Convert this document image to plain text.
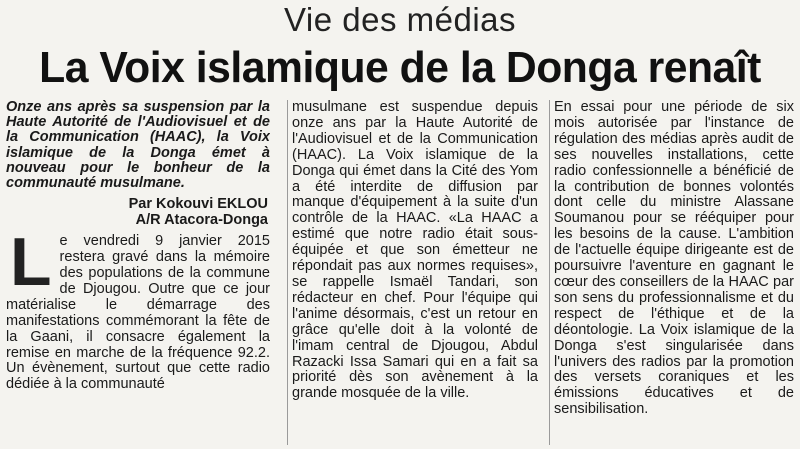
Vie des médias
La Voix islamique de la Donga renaît

Onze ans après sa suspension par la Haute Autorité de l'Audiovisuel et de la Communication (HAAC), la Voix islamique de la Donga émet à nouveau pour le bonheur de la communauté musulmane.

Par Kokouvi EKLOU

A/R Atacora-Donga

L e vendredi 9 janvier 2015 restera gravé dans la mémoire des populations de la commune de Djougou. Outre que ce jour matérialise le démarrage des manifestations commémorant la fête de la Gaani, il consacre également la remise en marche de la fréquence 92.2. Un évènement, surtout que cette radio dédiée à la communauté

musulmane est suspendue depuis onze ans par la Haute Autorité de l'Audiovisuel et de la Communication (HAAC). La Voix islamique de la Donga qui émet dans la Cité des Yom a été interdite de diffusion par manque d'équipement à la suite d'un contrôle de la HAAC. «La HAAC a estimé que notre radio était sous-équipée et que son émetteur ne répondait pas aux normes requises», se rappelle Ismaël Tandari, son rédacteur en chef. Pour l'équipe qui l'anime désormais, c'est un retour en grâce qu'elle doit à la volonté de l'imam central de Djougou, Abdul Razacki Issa Samari qui en a fait sa priorité dès son avènement à la grande mosquée de la ville.

En essai pour une période de six mois autorisée par l'instance de régulation des médias après audit de ses nouvelles installations, cette radio confessionnelle a bénéficié de la contribution de bonnes volontés dont celle du ministre Alassane Soumanou pour se rééquiper pour les besoins de la cause. L'ambition de l'actuelle équipe dirigeante est de poursuivre l'aventure en gagnant le cœur des conseillers de la HAAC par son sens du professionnalisme et du respect de l'éthique et de la déontologie. La Voix islamique de la Donga s'est singularisée dans l'univers des radios par la promotion des versets coraniques et les émissions éducatives et de sensibilisation.
